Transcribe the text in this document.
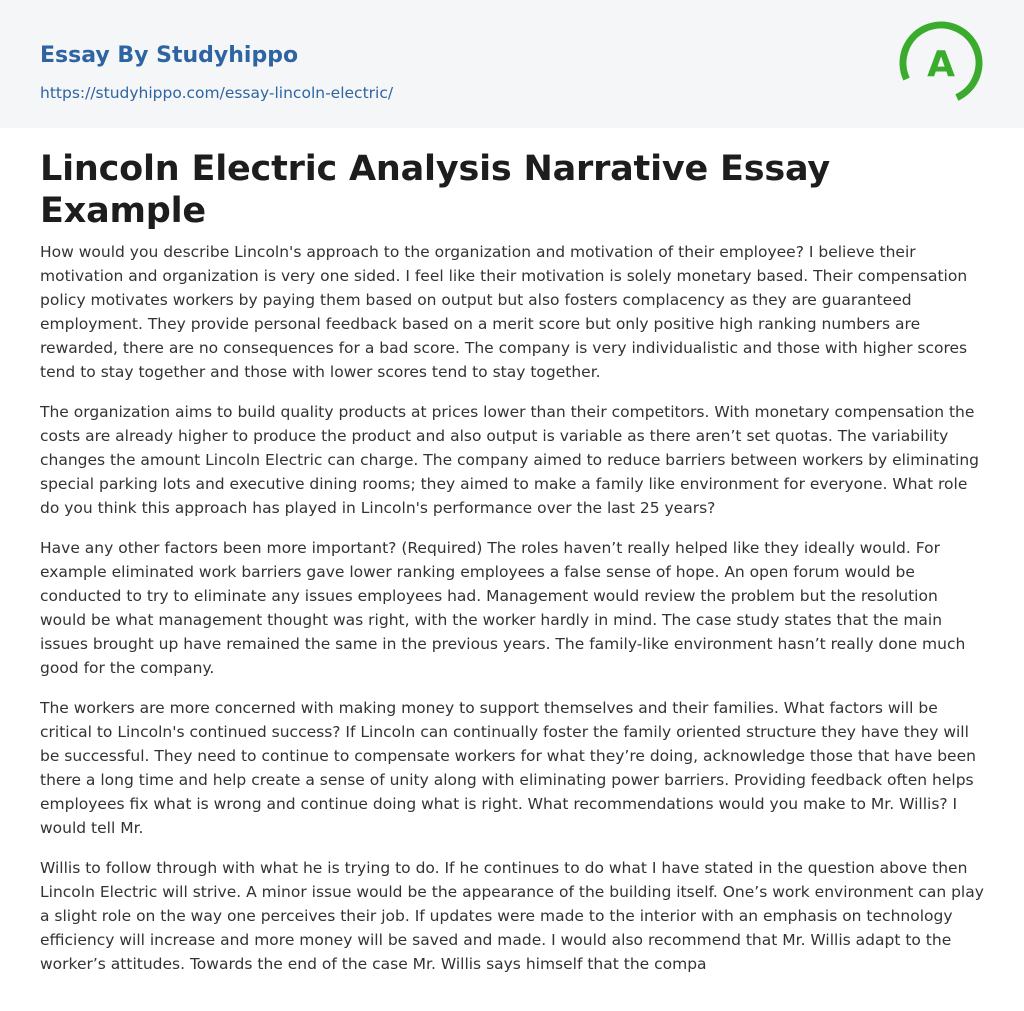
Essay By Studyhippo

https://studyhippo.com/essay-lincoln-electric/
A
Lincoln Electric Analysis Narrative Essay Example

How would you describe Lincoln's approach to the organization and motivation of their employee? I believe their motivation and organization is very one sided. I feel like their motivation is solely monetary based. Their compensation policy motivates workers by paying them based on output but also fosters complacency as they are guaranteed employment. They provide personal feedback based on a merit score but only positive high ranking numbers are rewarded, there are no consequences for a bad score. The company is very individualistic and those with higher scores tend to stay together and those with lower scores tend to stay together.

The organization aims to build quality products at prices lower than their competitors. With monetary compensation the costs are already higher to produce the product and also output is variable as there aren’t set quotas. The variability changes the amount Lincoln Electric can charge. The company aimed to reduce barriers between workers by eliminating special parking lots and executive dining rooms; they aimed to make a family like environment for everyone. What role do you think this approach has played in Lincoln's performance over the last 25 years?

Have any other factors been more important? (Required) The roles haven’t really helped like they ideally would. For example eliminated work barriers gave lower ranking employees a false sense of hope. An open forum would be conducted to try to eliminate any issues employees had. Management would review the problem but the resolution would be what management thought was right, with the worker hardly in mind. The case study states that the main issues brought up have remained the same in the previous years. The family-like environment hasn’t really done much good for the company.

The workers are more concerned with making money to support themselves and their families. What factors will be critical to Lincoln's continued success? If Lincoln can continually foster the family oriented structure they have they will be successful. They need to continue to compensate workers for what they’re doing, acknowledge those that have been there a long time and help create a sense of unity along with eliminating power barriers. Providing feedback often helps employees fix what is wrong and continue doing what is right. What recommendations would you make to Mr. Willis? I would tell Mr.

Willis to follow through with what he is trying to do. If he continues to do what I have stated in the question above then Lincoln Electric will strive. A minor issue would be the appearance of the building itself. One’s work environment can play a slight role on the way one perceives their job. If updates were made to the interior with an emphasis on technology efficiency will increase and more money will be saved and made. I would also recommend that Mr. Willis adapt to the worker’s attitudes. Towards the end of the case Mr. Willis says himself that the compa
